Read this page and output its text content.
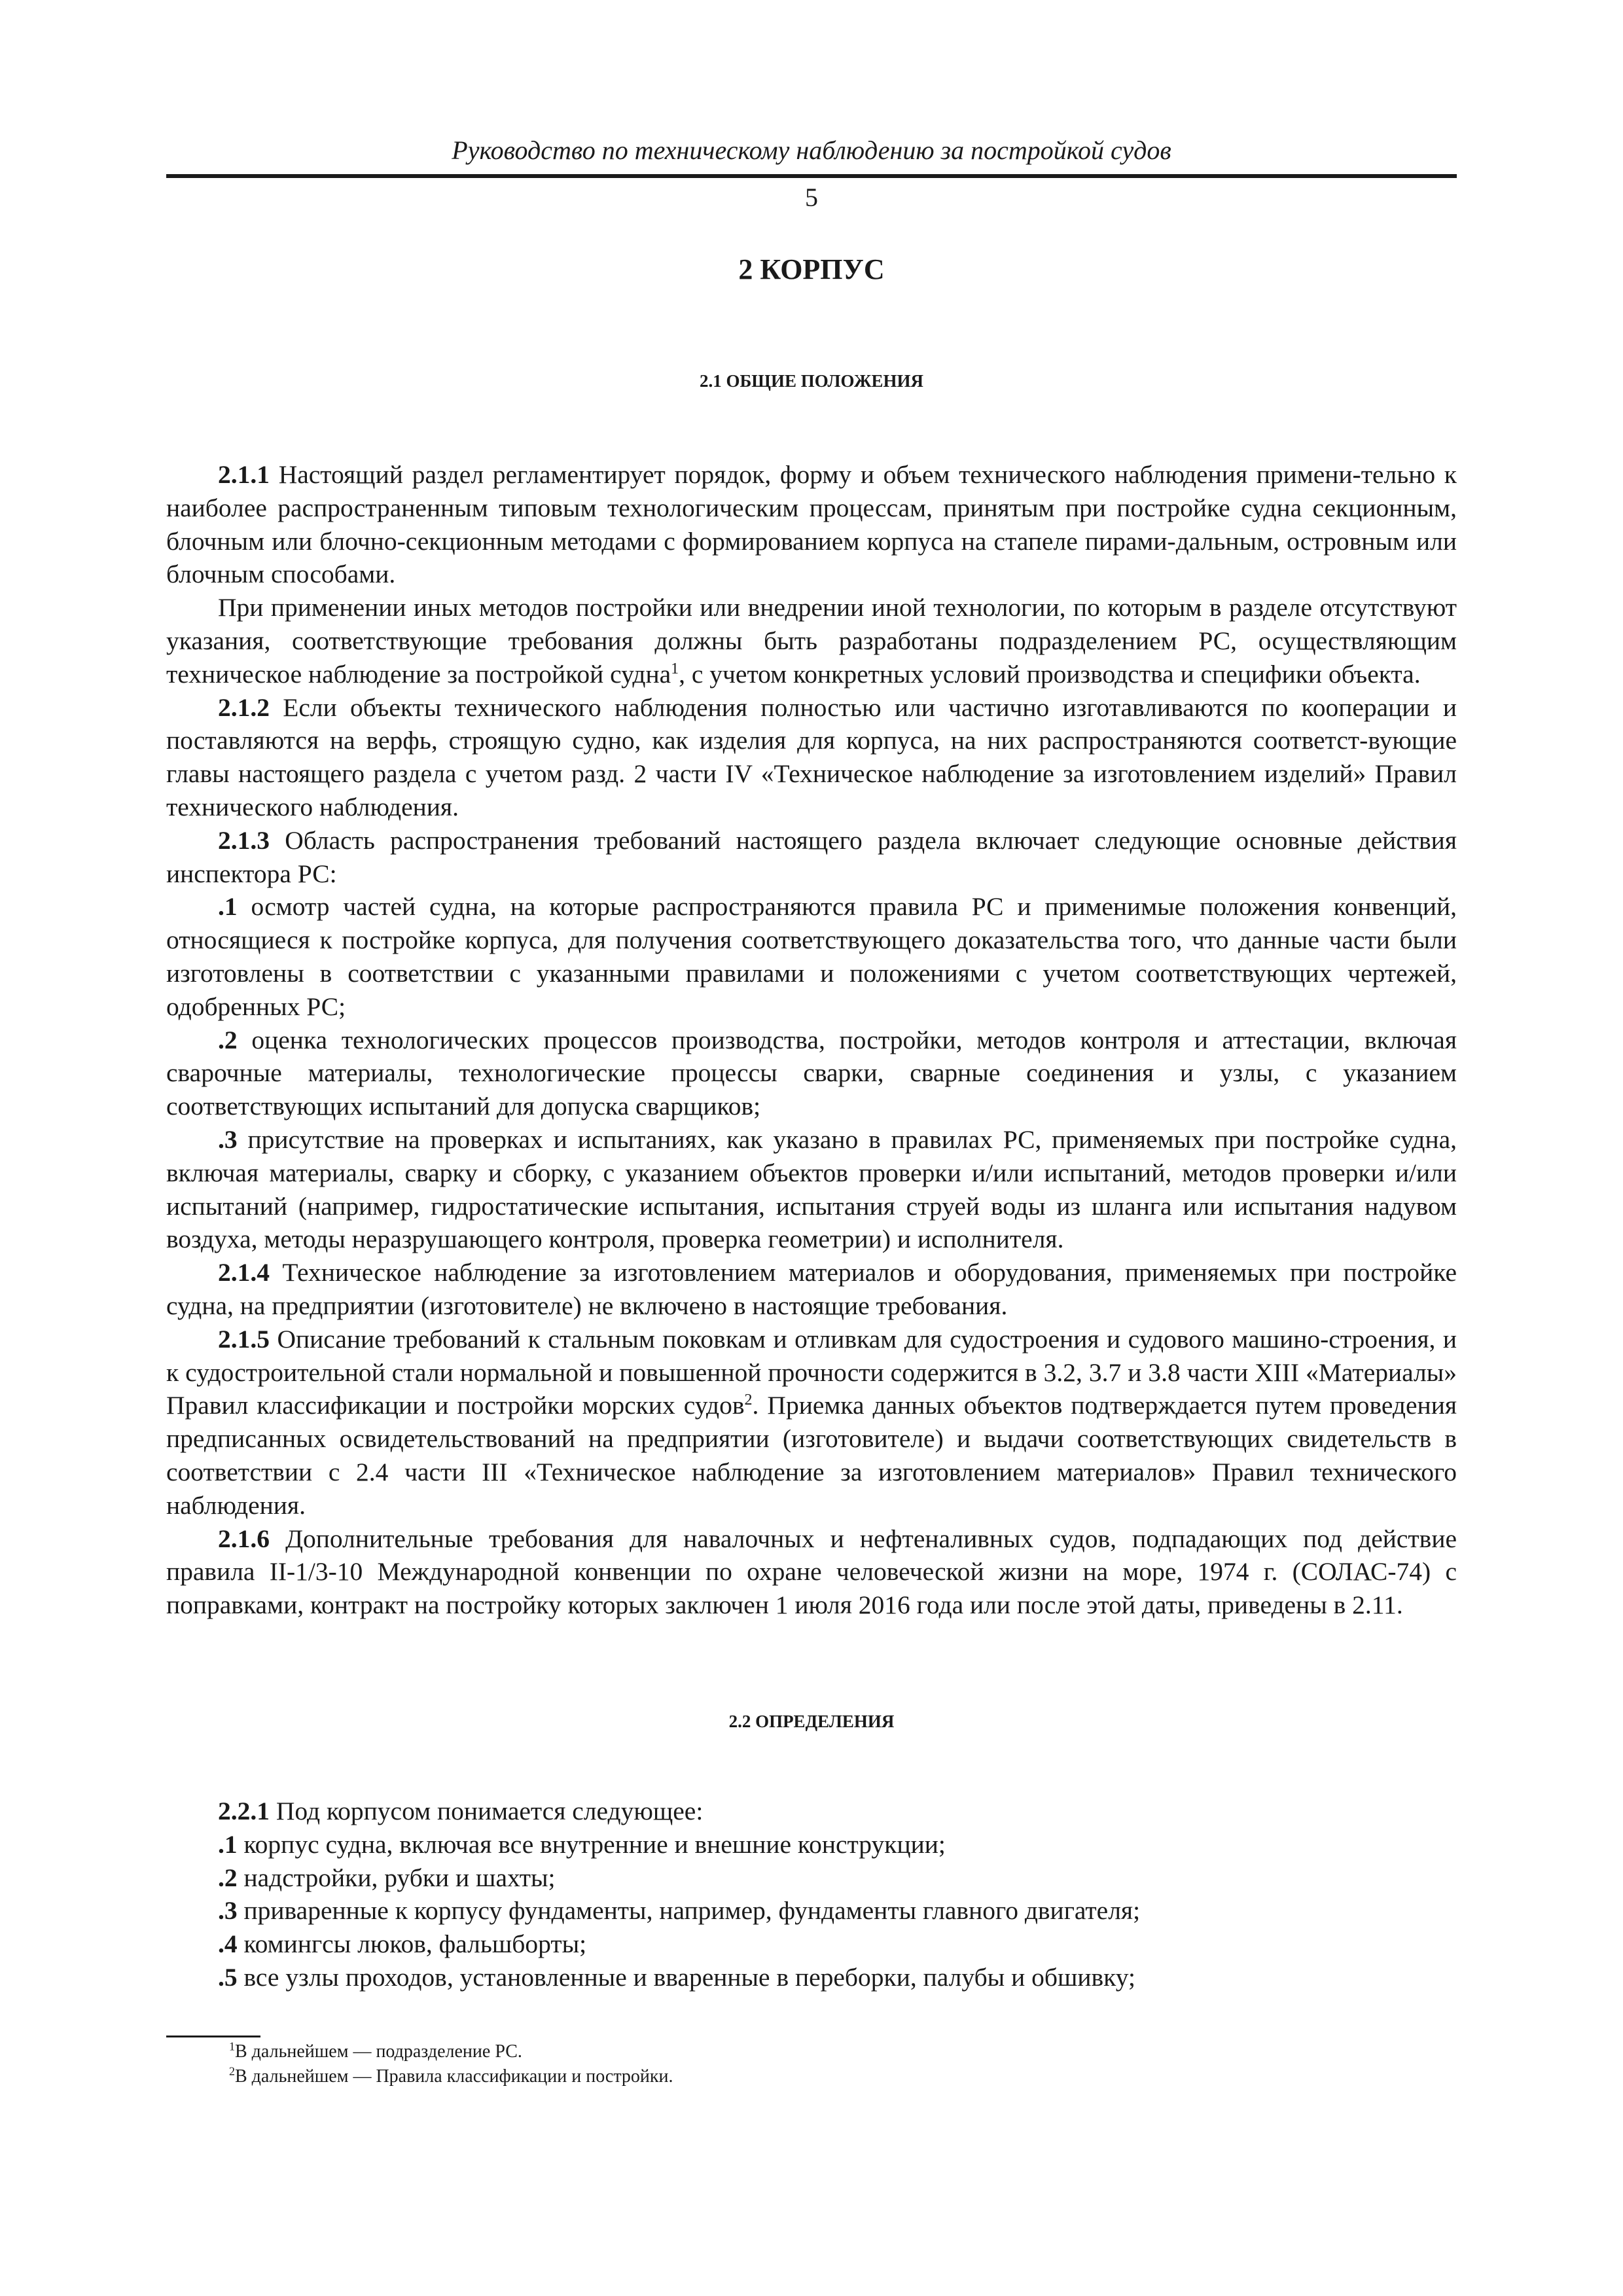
Руководство по техническому наблюдению за постройкой судов
5
2 КОРПУС
2.1 ОБЩИЕ ПОЛОЖЕНИЯ

2.1.1 Настоящий раздел регламентирует порядок, форму и объем технического наблюдения примени-тельно к наиболее распространенным типовым технологическим процессам, принятым при постройке судна секционным, блочным или блочно-секционным методами с формированием корпуса на стапеле пирами-дальным, островным или блочным способами.

При применении иных методов постройки или внедрении иной технологии, по которым в разделе отсутствуют указания, соответствующие требования должны быть разработаны подразделением РС, осуществляющим техническое наблюдение за постройкой судна$^1$, с учетом конкретных условий производства и специфики объекта.

2.1.2 Если объекты технического наблюдения полностью или частично изготавливаются по кооперации и поставляются на верфь, строящую судно, как изделия для корпуса, на них распространяются соответст-вующие главы настоящего раздела с учетом разд. 2 части IV «Техническое наблюдение за изготовлением изделий» Правил технического наблюдения.

2.1.3 Область распространения требований настоящего раздела включает следующие основные действия инспектора РС:

.1 осмотр частей судна, на которые распространяются правила РС и применимые положения конвенций, относящиеся к постройке корпуса, для получения соответствующего доказательства того, что данные части были изготовлены в соответствии с указанными правилами и положениями с учетом соответствующих чертежей, одобренных РС;

.2 оценка технологических процессов производства, постройки, методов контроля и аттестации, включая сварочные материалы, технологические процессы сварки, сварные соединения и узлы, с указанием соответствующих испытаний для допуска сварщиков;

.3 присутствие на проверках и испытаниях, как указано в правилах РС, применяемых при постройке судна, включая материалы, сварку и сборку, с указанием объектов проверки и/или испытаний, методов проверки и/или испытаний (например, гидростатические испытания, испытания струей воды из шланга или испытания надувом воздуха, методы неразрушающего контроля, проверка геометрии) и исполнителя.

2.1.4 Техническое наблюдение за изготовлением материалов и оборудования, применяемых при постройке судна, на предприятии (изготовителе) не включено в настоящие требования.

2.1.5 Описание требований к стальным поковкам и отливкам для судостроения и судового машино-строения, и к судостроительной стали нормальной и повышенной прочности содержится в 3.2, 3.7 и 3.8 части XIII «Материалы» Правил классификации и постройки морских судов$^2$. Приемка данных объектов подтверждается путем проведения предписанных освидетельствований на предприятии (изготовителе) и выдачи соответствующих свидетельств в соответствии с 2.4 части III «Техническое наблюдение за изготовлением материалов» Правил технического наблюдения.

2.1.6 Дополнительные требования для навалочных и нефтеналивных судов, подпадающих под действие правила II-1/3-10 Международной конвенции по охране человеческой жизни на море, 1974 г. (СОЛАС-74) с поправками, контракт на постройку которых заключен 1 июля 2016 года или после этой даты, приведены в 2.11.

2.2 ОПРЕДЕЛЕНИЯ

2.2.1 Под корпусом понимается следующее:

.1 корпус судна, включая все внутренние и внешние конструкции;

.2 надстройки, рубки и шахты;

.3 приваренные к корпусу фундаменты, например, фундаменты главного двигателя;

.4 комингсы люков, фальшборты;

.5 все узлы проходов, установленные и вваренные в переборки, палубы и обшивку;

$^1$В дальнейшем — подразделение РС.
$^2$В дальнейшем — Правила классификации и постройки.
